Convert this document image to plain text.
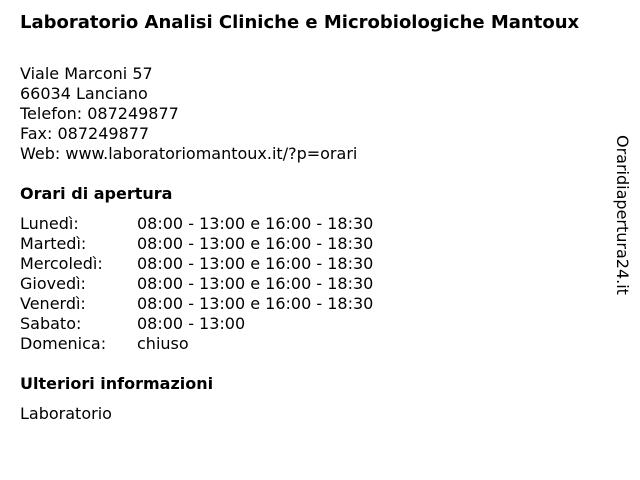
Laboratorio Analisi Cliniche e Microbiologiche Mantoux
Viale Marconi 57
66034 Lanciano
Telefon: 087249877
Fax: 087249877
Web: www.laboratoriomantoux.it/?p=orari
Orari di apertura
Lunedì:	08:00 - 13:00 e 16:00 - 18:30
Martedì:	08:00 - 13:00 e 16:00 - 18:30
Mercoledì:	08:00 - 13:00 e 16:00 - 18:30
Giovedì:	08:00 - 13:00 e 16:00 - 18:30
Venerdì:	08:00 - 13:00 e 16:00 - 18:30
Sabato:	08:00 - 13:00
Domenica:	chiuso
Ulteriori informazioni
Laboratorio
Oraridiapertura24.it
